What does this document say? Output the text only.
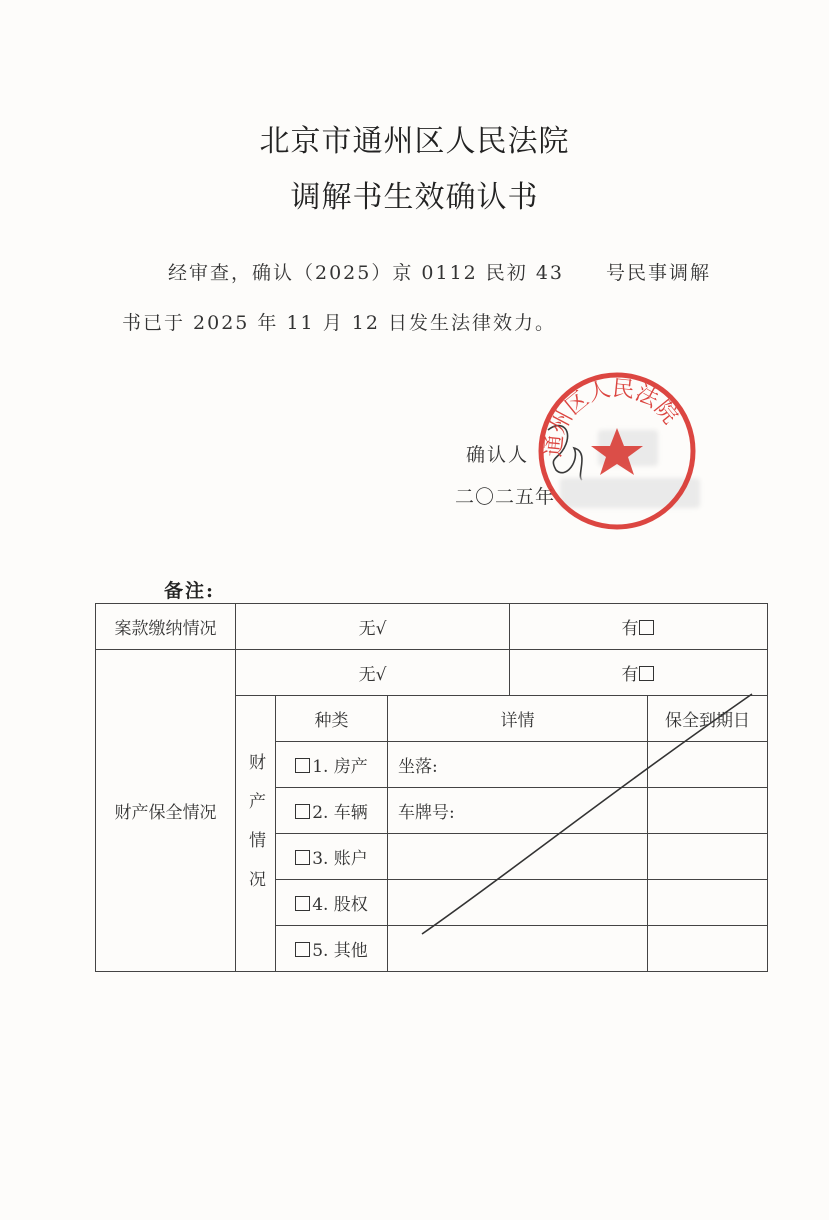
北京市通州区人民法院
调解书生效确认书
经审查，确认（2025）京 0112 民初 43 号民事调解
书已于 2025 年 11 月 12 日发生法律效力。
确认人
二〇二五年
通州区人民法院
备注:
案款缴纳情况	无√			有	
财产保全情况	无√			有	
	财产情况	种类	详情		保全到期日
		1. 房产	坐落:		
		2. 车辆	车牌号:		
		3. 账户			
		4. 股权			
		5. 其他			
